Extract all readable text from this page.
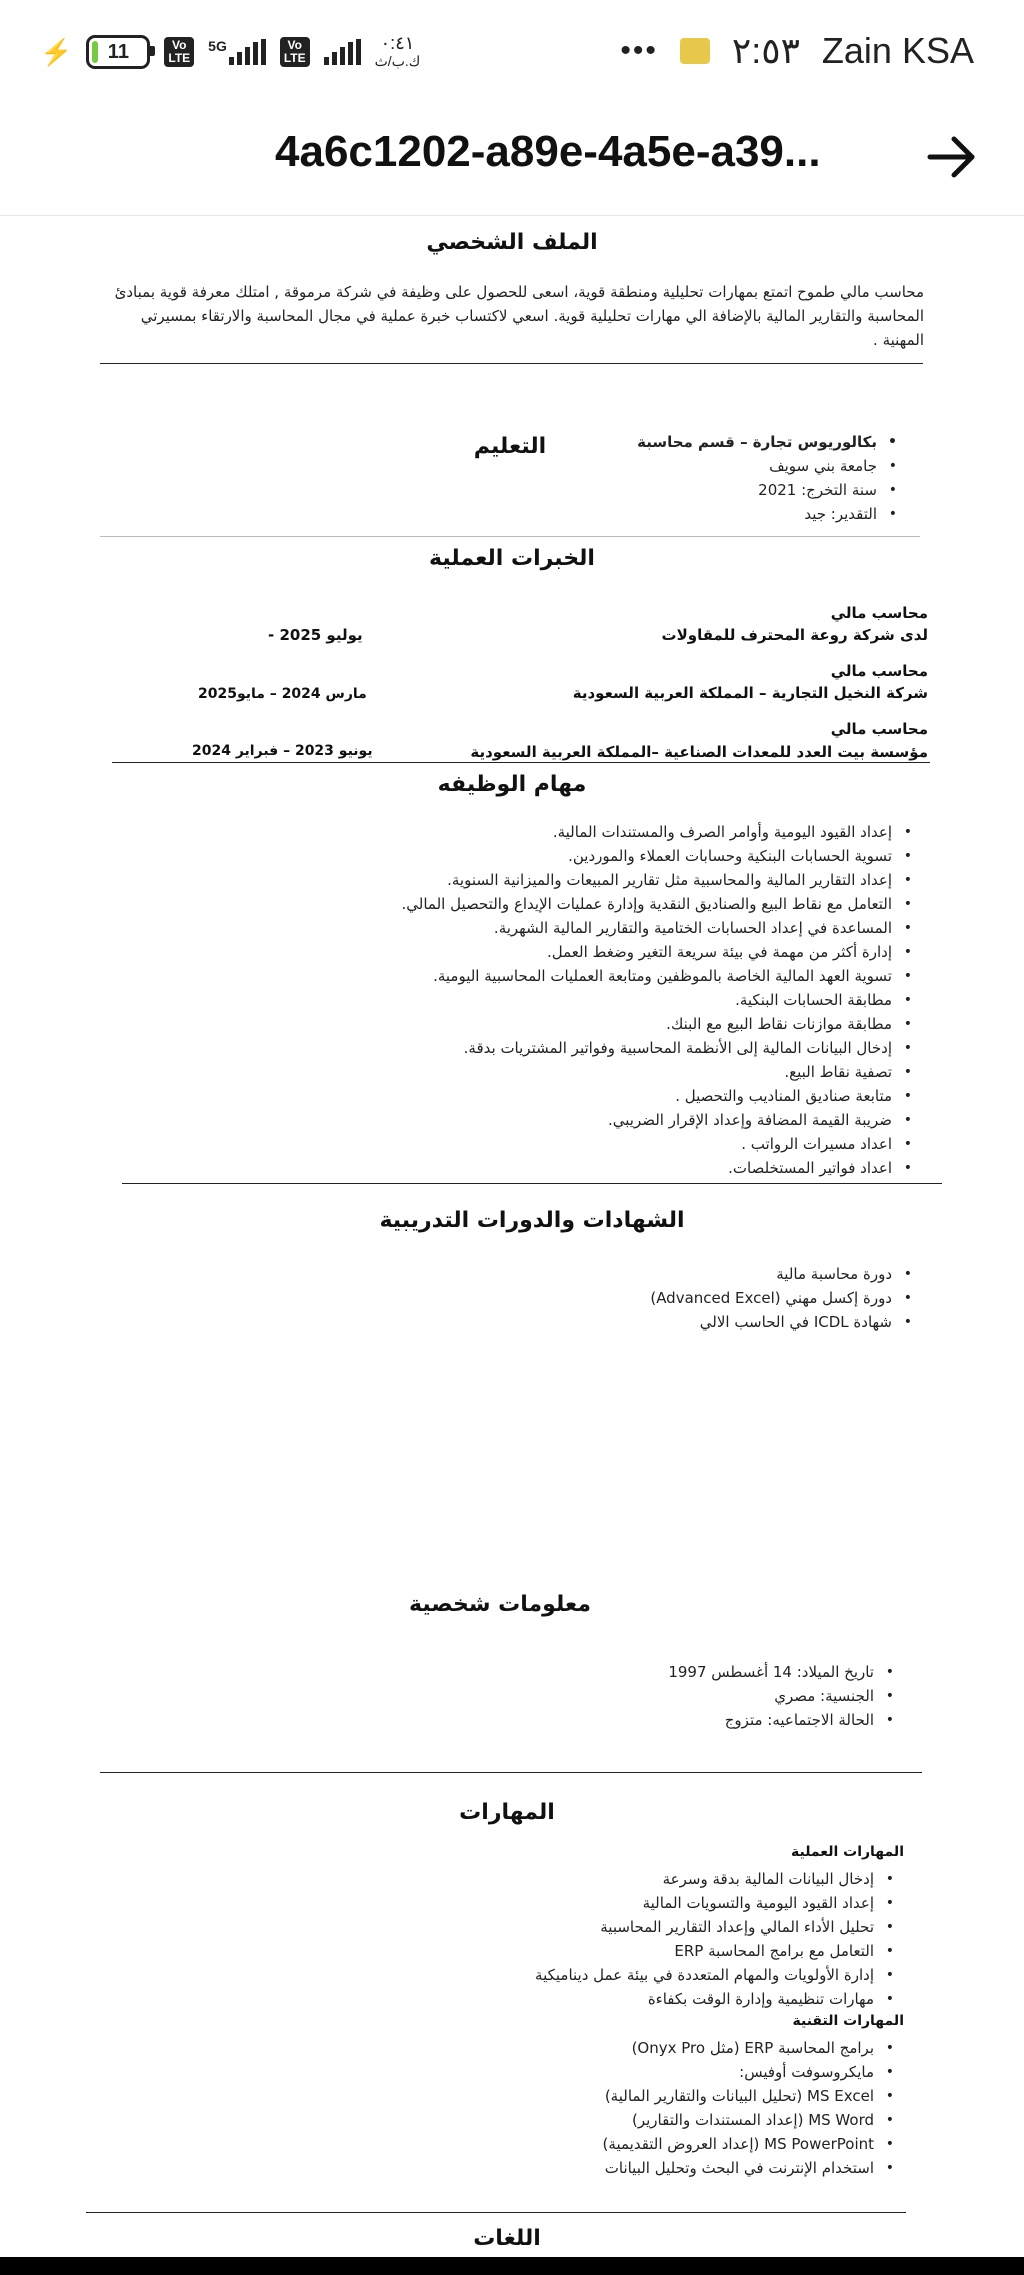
⚡ 11	Vo
LTE
5G	Vo
LTE
٠:٤١
ك.ب/ث	••• ٢:٥٣ Zain KSA
4a6c1202-a89e-4a5e-a39...
الملف الشخصي
محاسب مالي طموح اتمتع بمهارات تحليلية ومنطقة قوية، اسعى للحصول على وظيفة في شركة مرموقة , امتلك معرفة قوية بمبادئ المحاسبة والتقارير المالية بالإضافة الي مهارات تحليلية قوية. اسعي لاكتساب خبرة عملية في مجال المحاسبة والارتقاء بمسيرتي المهنية .
التعليم
•	بكالوريوس تجارة – قسم محاسبة
• جامعة بني سويف
• سنة التخرج: 2021
• التقدير: جيد
الخبرات العملية
محاسب مالي
لدى شركة روعة المحترف للمقاولات
يوليو 2025 -
محاسب مالي
شركة النخيل التجارية – المملكة العربية السعودية
مارس 2024 – مايو2025
محاسب مالي
مؤسسة بيت العدد للمعدات الصناعية –المملكة العربية السعودية
يونيو 2023 – فبراير 2024
مهام الوظيفه
• إعداد القيود اليومية وأوامر الصرف والمستندات المالية.
• تسوية الحسابات البنكية وحسابات العملاء والموردين.
• إعداد التقارير المالية والمحاسبية مثل تقارير المبيعات والميزانية السنوية.
• التعامل مع نقاط البيع والصناديق النقدية وإدارة عمليات الإيداع والتحصيل المالي.
• المساعدة في إعداد الحسابات الختامية والتقارير المالية الشهرية.
• إدارة أكثر من مهمة في بيئة سريعة التغير وضغط العمل.
• تسوية العهد المالية الخاصة بالموظفين ومتابعة العمليات المحاسبية اليومية.
• مطابقة الحسابات البنكية.
• مطابقة موازنات نقاط البيع مع البنك.
• إدخال البيانات المالية إلى الأنظمة المحاسبية وفواتير المشتريات بدقة.
• تصفية نقاط البيع.
• متابعة صناديق المناديب والتحصيل .
• ضريبة القيمة المضافة وإعداد الإقرار الضريبي.
• اعداد مسيرات الرواتب .
• اعداد فواتير المستخلصات.
الشهادات والدورات التدريبية
• دورة محاسبة مالية
• دورة إكسل مهني (Advanced Excel)
• شهادة ICDL في الحاسب الالي
معلومات شخصية
• تاريخ الميلاد: 14 أغسطس 1997
• الجنسية: مصري
• الحالة الاجتماعيه: متزوج
المهارات
المهارات العملية
• إدخال البيانات المالية بدقة وسرعة
• إعداد القيود اليومية والتسويات المالية
• تحليل الأداء المالي وإعداد التقارير المحاسبية
• التعامل مع برامج المحاسبة ERP
• إدارة الأولويات والمهام المتعددة في بيئة عمل ديناميكية
• مهارات تنظيمية وإدارة الوقت بكفاءة
المهارات التقنية
• برامج المحاسبة ERP (مثل Onyx Pro)
• مايكروسوفت أوفيس:
• MS Excel (تحليل البيانات والتقارير المالية)
• MS Word (إعداد المستندات والتقارير)
• MS PowerPoint (إعداد العروض التقديمية)
• استخدام الإنترنت في البحث وتحليل البيانات
اللغات
